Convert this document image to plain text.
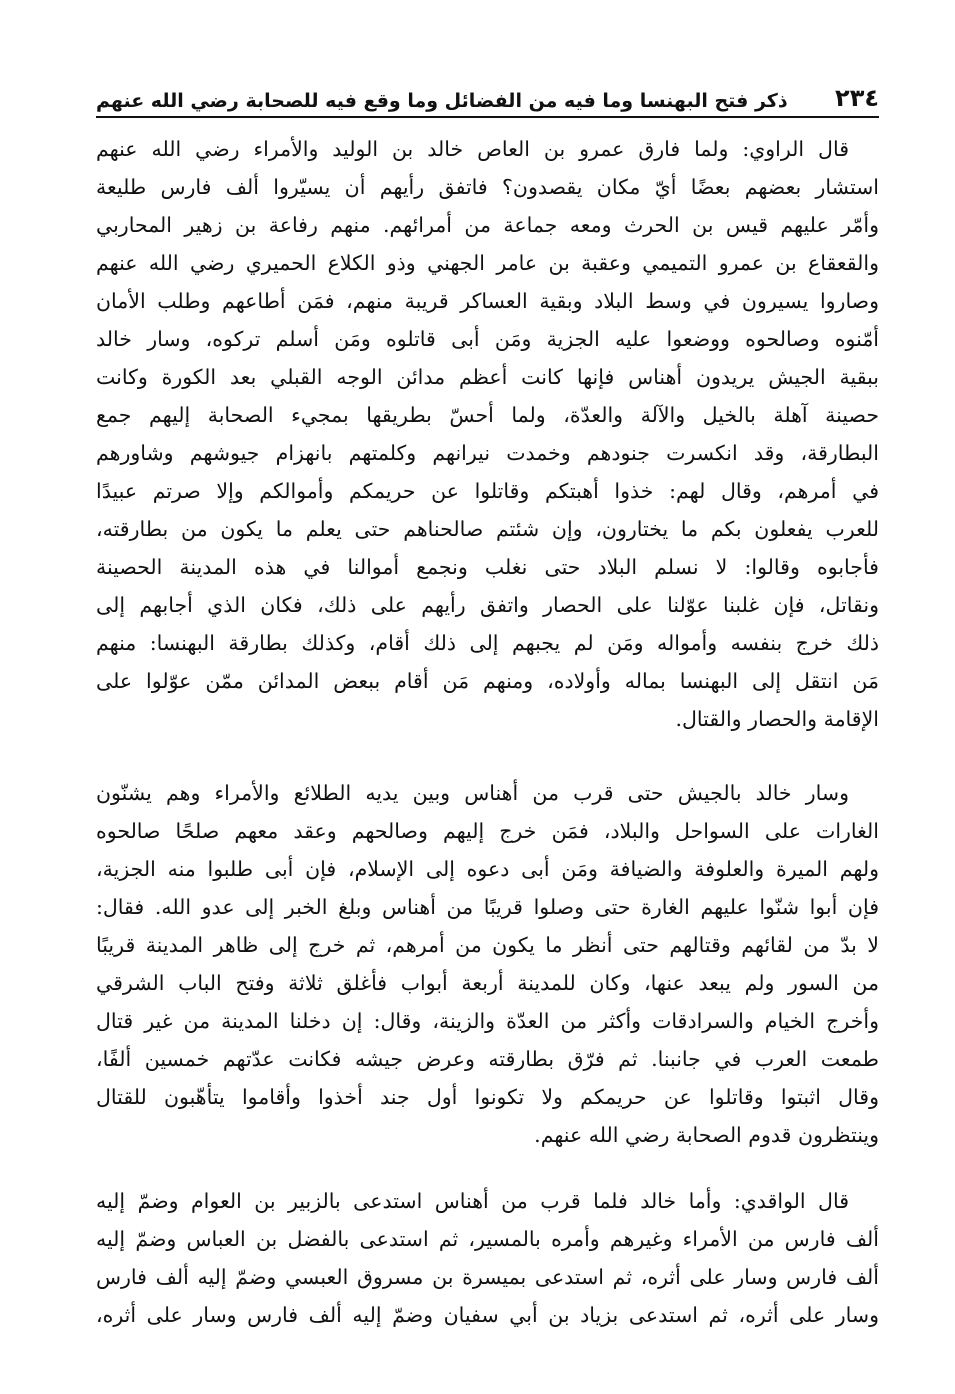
٢٣٤
ذكر فتح البهنسا وما فيه من الفضائل وما وقع فيه للصحابة رضي الله عنهم
قال الراوي: ولما فارق عمرو بن العاص خالد بن الوليد والأمراء رضي الله عنهم
استشار بعضهم بعضًا أيّ مكان يقصدون؟ فاتفق رأيهم أن يسيّروا ألف فارس طليعة
وأمّر عليهم قيس بن الحرث ومعه جماعة من أمرائهم. منهم رفاعة بن زهير المحاربي
والقعقاع بن عمرو التميمي وعقبة بن عامر الجهني وذو الكلاع الحميري رضي الله عنهم
وصاروا يسيرون في وسط البلاد وبقية العساكر قريبة منهم، فمَن أطاعهم وطلب الأمان
أمّنوه وصالحوه ووضعوا عليه الجزية ومَن أبى قاتلوه ومَن أسلم تركوه، وسار خالد
ببقية الجيش يريدون أهناس فإنها كانت أعظم مدائن الوجه القبلي بعد الكورة وكانت
حصينة آهلة بالخيل والآلة والعدّة، ولما أحسّ بطريقها بمجيء الصحابة إليهم جمع
البطارقة، وقد انكسرت جنودهم وخمدت نيرانهم وكلمتهم بانهزام جيوشهم وشاورهم
في أمرهم، وقال لهم: خذوا أهبتكم وقاتلوا عن حريمكم وأموالكم وإلا صرتم عبيدًا
للعرب يفعلون بكم ما يختارون، وإن شئتم صالحناهم حتى يعلم ما يكون من بطارقته،
فأجابوه وقالوا: لا نسلم البلاد حتى نغلب ونجمع أموالنا في هذه المدينة الحصينة
ونقاتل، فإن غلبنا عوّلنا على الحصار واتفق رأيهم على ذلك، فكان الذي أجابهم إلى
ذلك خرج بنفسه وأمواله ومَن لم يجبهم إلى ذلك أقام، وكذلك بطارقة البهنسا: منهم
مَن انتقل إلى البهنسا بماله وأولاده، ومنهم مَن أقام ببعض المدائن ممّن عوّلوا على
الإقامة والحصار والقتال.
وسار خالد بالجيش حتى قرب من أهناس وبين يديه الطلائع والأمراء وهم يشنّون
الغارات على السواحل والبلاد، فمَن خرج إليهم وصالحهم وعقد معهم صلحًا صالحوه
ولهم الميرة والعلوفة والضيافة ومَن أبى دعوه إلى الإسلام، فإن أبى طلبوا منه الجزية،
فإن أبوا شنّوا عليهم الغارة حتى وصلوا قريبًا من أهناس وبلغ الخبر إلى عدو الله. فقال:
لا بدّ من لقائهم وقتالهم حتى أنظر ما يكون من أمرهم، ثم خرج إلى ظاهر المدينة قريبًا
من السور ولم يبعد عنها، وكان للمدينة أربعة أبواب فأغلق ثلاثة وفتح الباب الشرقي
وأخرج الخيام والسرادقات وأكثر من العدّة والزينة، وقال: إن دخلنا المدينة من غير قتال
طمعت العرب في جانبنا. ثم فرّق بطارقته وعرض جيشه فكانت عدّتهم خمسين ألفًا،
وقال اثبتوا وقاتلوا عن حريمكم ولا تكونوا أول جند أخذوا وأقاموا يتأهّبون للقتال
وينتظرون قدوم الصحابة رضي الله عنهم.
قال الواقدي: وأما خالد فلما قرب من أهناس استدعى بالزبير بن العوام وضمّ إليه
ألف فارس من الأمراء وغيرهم وأمره بالمسير، ثم استدعى بالفضل بن العباس وضمّ إليه
ألف فارس وسار على أثره، ثم استدعى بميسرة بن مسروق العبسي وضمّ إليه ألف فارس
وسار على أثره، ثم استدعى بزياد بن أبي سفيان وضمّ إليه ألف فارس وسار على أثره،
